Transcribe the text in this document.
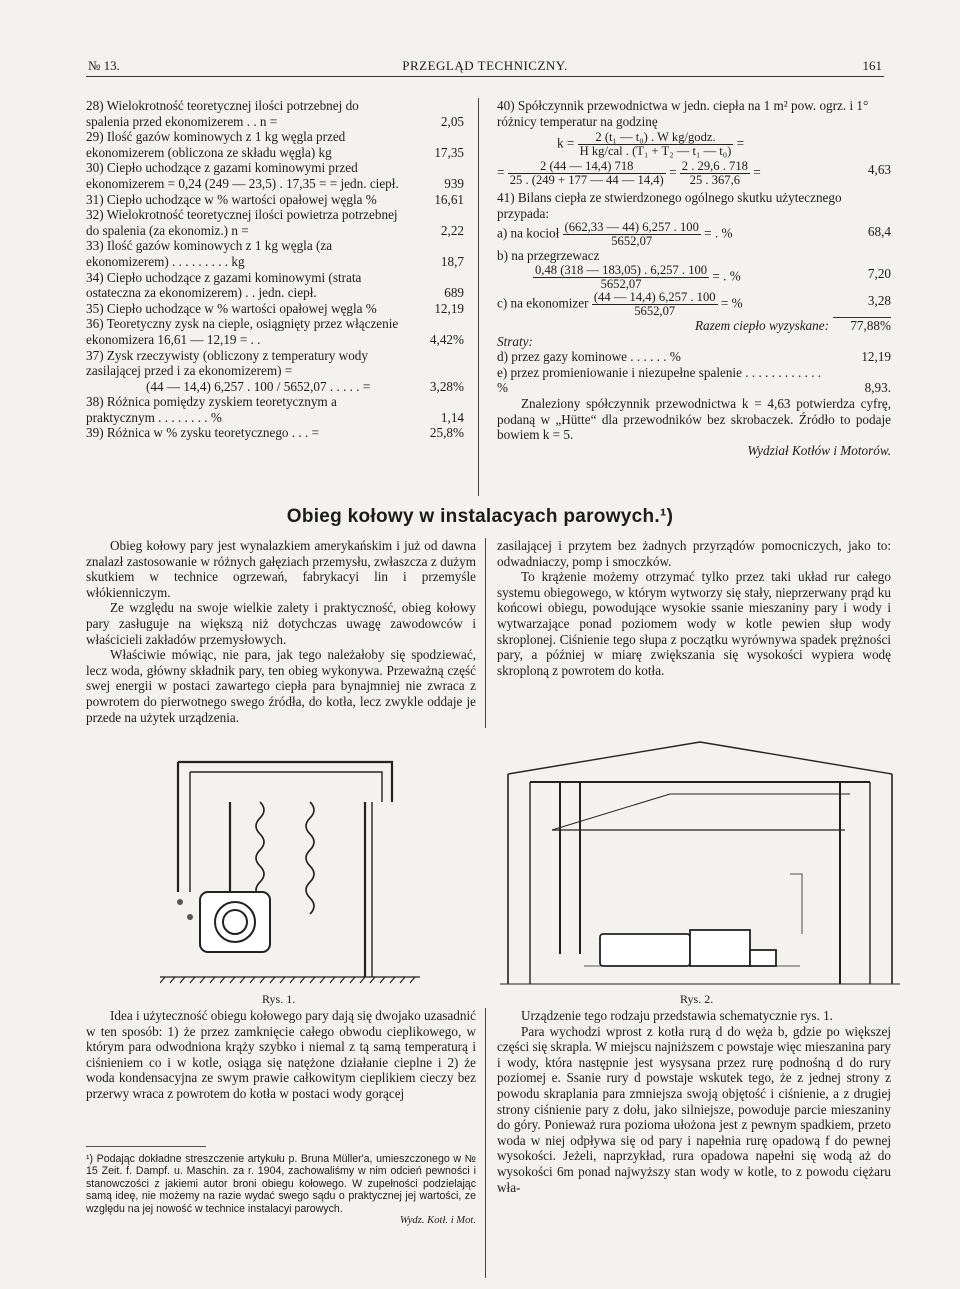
№ 13.	PRZEGLĄD TECHNICZNY.	161
28) Wielokrotność teoretycznej ilości potrzebnej do spalenia przed ekonomizerem . . n =	2,05
29) Ilość gazów kominowych z 1 kg węgla przed ekonomizerem (obliczona ze składu węgla) kg	17,35
30) Ciepło uchodzące z gazami kominowymi przed ekonomizerem = 0,24 (249 — 23,5) . 17,35 = = jedn. ciepł.	939
31) Ciepło uchodzące w % wartości opałowej węgla %	16,61
32) Wielokrotność teoretycznej ilości powietrza potrzebnej do spalenia (za ekonomiz.) n =	2,22
33) Ilość gazów kominowych z 1 kg węgla (za ekonomizerem) . . . . . . . . . kg	18,7
34) Ciepło uchodzące z gazami kominowymi (strata ostateczna za ekonomizerem) . . jedn. ciepł.	689
35) Ciepło uchodzące w % wartości opałowej węgla %	12,19
36) Teoretyczny zysk na cieple, osiągnięty przez włączenie ekonomizera 16,61 — 12,19 = . .	4,42%
37) Zysk rzeczywisty (obliczony z temperatury wody zasilającej przed i za ekonomizerem) =
(44 — 14,4) 6,257 . 100 / 5652,07 . . . . . =	3,28%
38) Różnica pomiędzy zyskiem teoretycznym a praktycznym . . . . . . . . %	1,14
39) Różnica w % zysku teoretycznego . . . =	25,8%
40) Spółczynnik przewodnictwa w jedn. ciepła na 1 m² pow. ogrz. i 1° różnicy temperatur na godzinę
$k = \frac{\text{2 (t₁ — t₀) . W kg/godz.}}{\text{H kg/cal . (T₁ + T₂ — t₁ — t₀)}}$ =
= $\frac{2 (44 — 14,4) 718}{25 . (249 + 177 — 44 — 14,4)} = \frac{2 . 29,6 . 718}{25 . 367,6}$ =	4,63
41) Bilans ciepła ze stwierdzonego ogólnego skutku użytecznego przypada:
a) na kocioł $\frac{(662,33 — 44) 6,257 . 100}{5652,07}$ = . %	68,4
b) na przegrzewacz
$\frac{0,48 (318 — 183,05) . 6,257 . 100}{5652,07}$ = . %	7,20
c) na ekonomizer $\frac{(44 — 14,4) 6,257 . 100}{5652,07}$ = %	3,28
Razem ciepło wyzyskane:	77,88%
Straty:
d) przez gazy kominowe . . . . . . %	12,19
e) przez promieniowanie i niezupełne spalenie . . . . . . . . . . . . %	8,93.

Znaleziony spółczynnik przewodnictwa k = 4,63 potwierdza cyfrę, podaną w „Hütte“ dla przewodników bez skrobaczek. Źródło to podaje bowiem k = 5.

Wydział Kotłów i Motorów.
Obieg kołowy w instalacyach parowych.¹)

Obieg kołowy pary jest wynalazkiem amerykańskim i już od dawna znalazł zastosowanie w różnych gałęziach przemysłu, zwłaszcza z dużym skutkiem w technice ogrzewań, fabrykacyi lin i przemyśle włókienniczym.

Ze względu na swoje wielkie zalety i praktyczność, obieg kołowy pary zasługuje na większą niż dotychczas uwagę zawodowców i właścicieli zakładów przemysłowych.

Właściwie mówiąc, nie para, jak tego należałoby się spodziewać, lecz woda, główny składnik pary, ten obieg wykonywa. Przeważną część swej energii w postaci zawartego ciepła para bynajmniej nie zwraca z powrotem do pierwotnego swego źródła, do kotła, lecz zwykle oddaje je przede na użytek urządzenia.

zasilającej i przytem bez żadnych przyrządów pomocniczych, jako to: odwadniaczy, pomp i smoczków.

To krążenie możemy otrzymać tylko przez taki układ rur całego systemu obiegowego, w którym wytworzy się stały, nieprzerwany prąd ku końcowi obiegu, powodujące wysokie ssanie mieszaniny pary i wody i wytwarzające ponad poziomem wody w kotle pewien słup wody skroplonej. Ciśnienie tego słupa z początku wyrównywa spadek prężności pary, a później w miarę zwiększania się wysokości wypiera wodę skroploną z powrotem do kotła.

Rys. 1.	Rys. 2.

Idea i użyteczność obiegu kołowego pary dają się dwojako uzasadnić w ten sposób: 1) że przez zamknięcie całego obwodu cieplikowego, w którym para odwodniona krąży szybko i niemal z tą samą temperaturą i ciśnieniem co i w kotle, osiąga się natężone działanie cieplne i 2) że woda kondensacyjna ze swym prawie całkowitym cieplikiem cieczy bez przerwy wraca z powrotem do kotła w postaci wody gorącej

Urządzenie tego rodzaju przedstawia schematycznie rys. 1.

Para wychodzi wprost z kotła rurą d do węża b, gdzie po większej części się skrapla. W miejscu najniższem c powstaje więc mieszanina pary i wody, która następnie jest wysysana przez rurę podnośną d do rury poziomej e. Ssanie rury d powstaje wskutek tego, że z jednej strony z powodu skraplania para zmniejsza swoją objętość i ciśnienie, a z drugiej strony ciśnienie pary z dołu, jako silniejsze, powoduje parcie mieszaniny do góry. Ponieważ rura pozioma ułożona jest z pewnym spadkiem, przeto woda w niej odpływa się od pary i napełnia rurę opadową f do pewnej wysokości. Jeżeli, naprzykład, rura opadowa napełni się wodą aż do wysokości 6m ponad najwyższy stan wody w kotle, to z powodu ciężaru wła-

¹) Podając dokładne streszczenie artykułu p. Bruna Müller'a, umieszczonego w № 15 Zeit. f. Dampf. u. Maschin. za r. 1904, zachowaliśmy w nim odcień pewności i stanowczości z jakiemi autor broni obiegu kołowego. W zupełności podzielając samą ideę, nie możemy na razie wydać swego sądu o praktycznej jej wartości, ze względu na jej nowość w technice instalacyi parowych.
Wydz. Kotł. i Mot.
